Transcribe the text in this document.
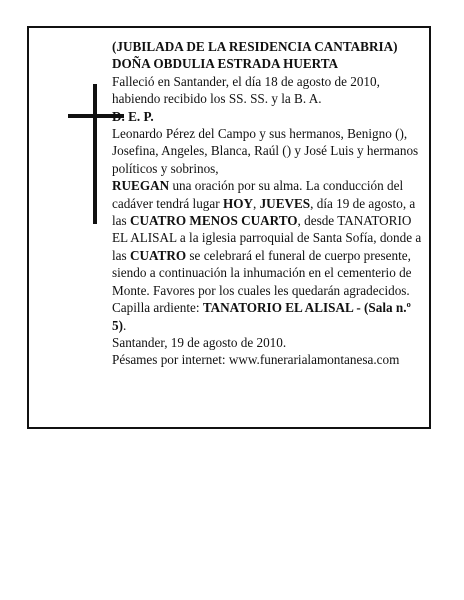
(JUBILADA DE LA RESIDENCIA CANTABRIA)

DOÑA OBDULIA ESTRADA HUERTA

Falleció en Santander, el día 18 de agosto de 2010, habiendo recibido los SS. SS. y la B. A.

D. E. P.

Leonardo Pérez del Campo y sus hermanos, Benigno (), Josefina, Angeles, Blanca, Raúl () y José Luis y hermanos políticos y sobrinos,

RUEGAN una oración por su alma. La conducción del cadáver tendrá lugar HOY, JUEVES, día 19 de agosto, a las CUATRO MENOS CUARTO, desde TANATORIO EL ALISAL a la iglesia parroquial de Santa Sofía, donde a las CUATRO se celebrará el funeral de cuerpo presente, siendo a continuación la inhumación en el cementerio de Monte. Favores por los cuales les quedarán agradecidos.

Capilla ardiente: TANATORIO EL ALISAL - (Sala n.º 5).

Santander, 19 de agosto de 2010.

Pésames por internet: www.funerarialamontanesa.com
